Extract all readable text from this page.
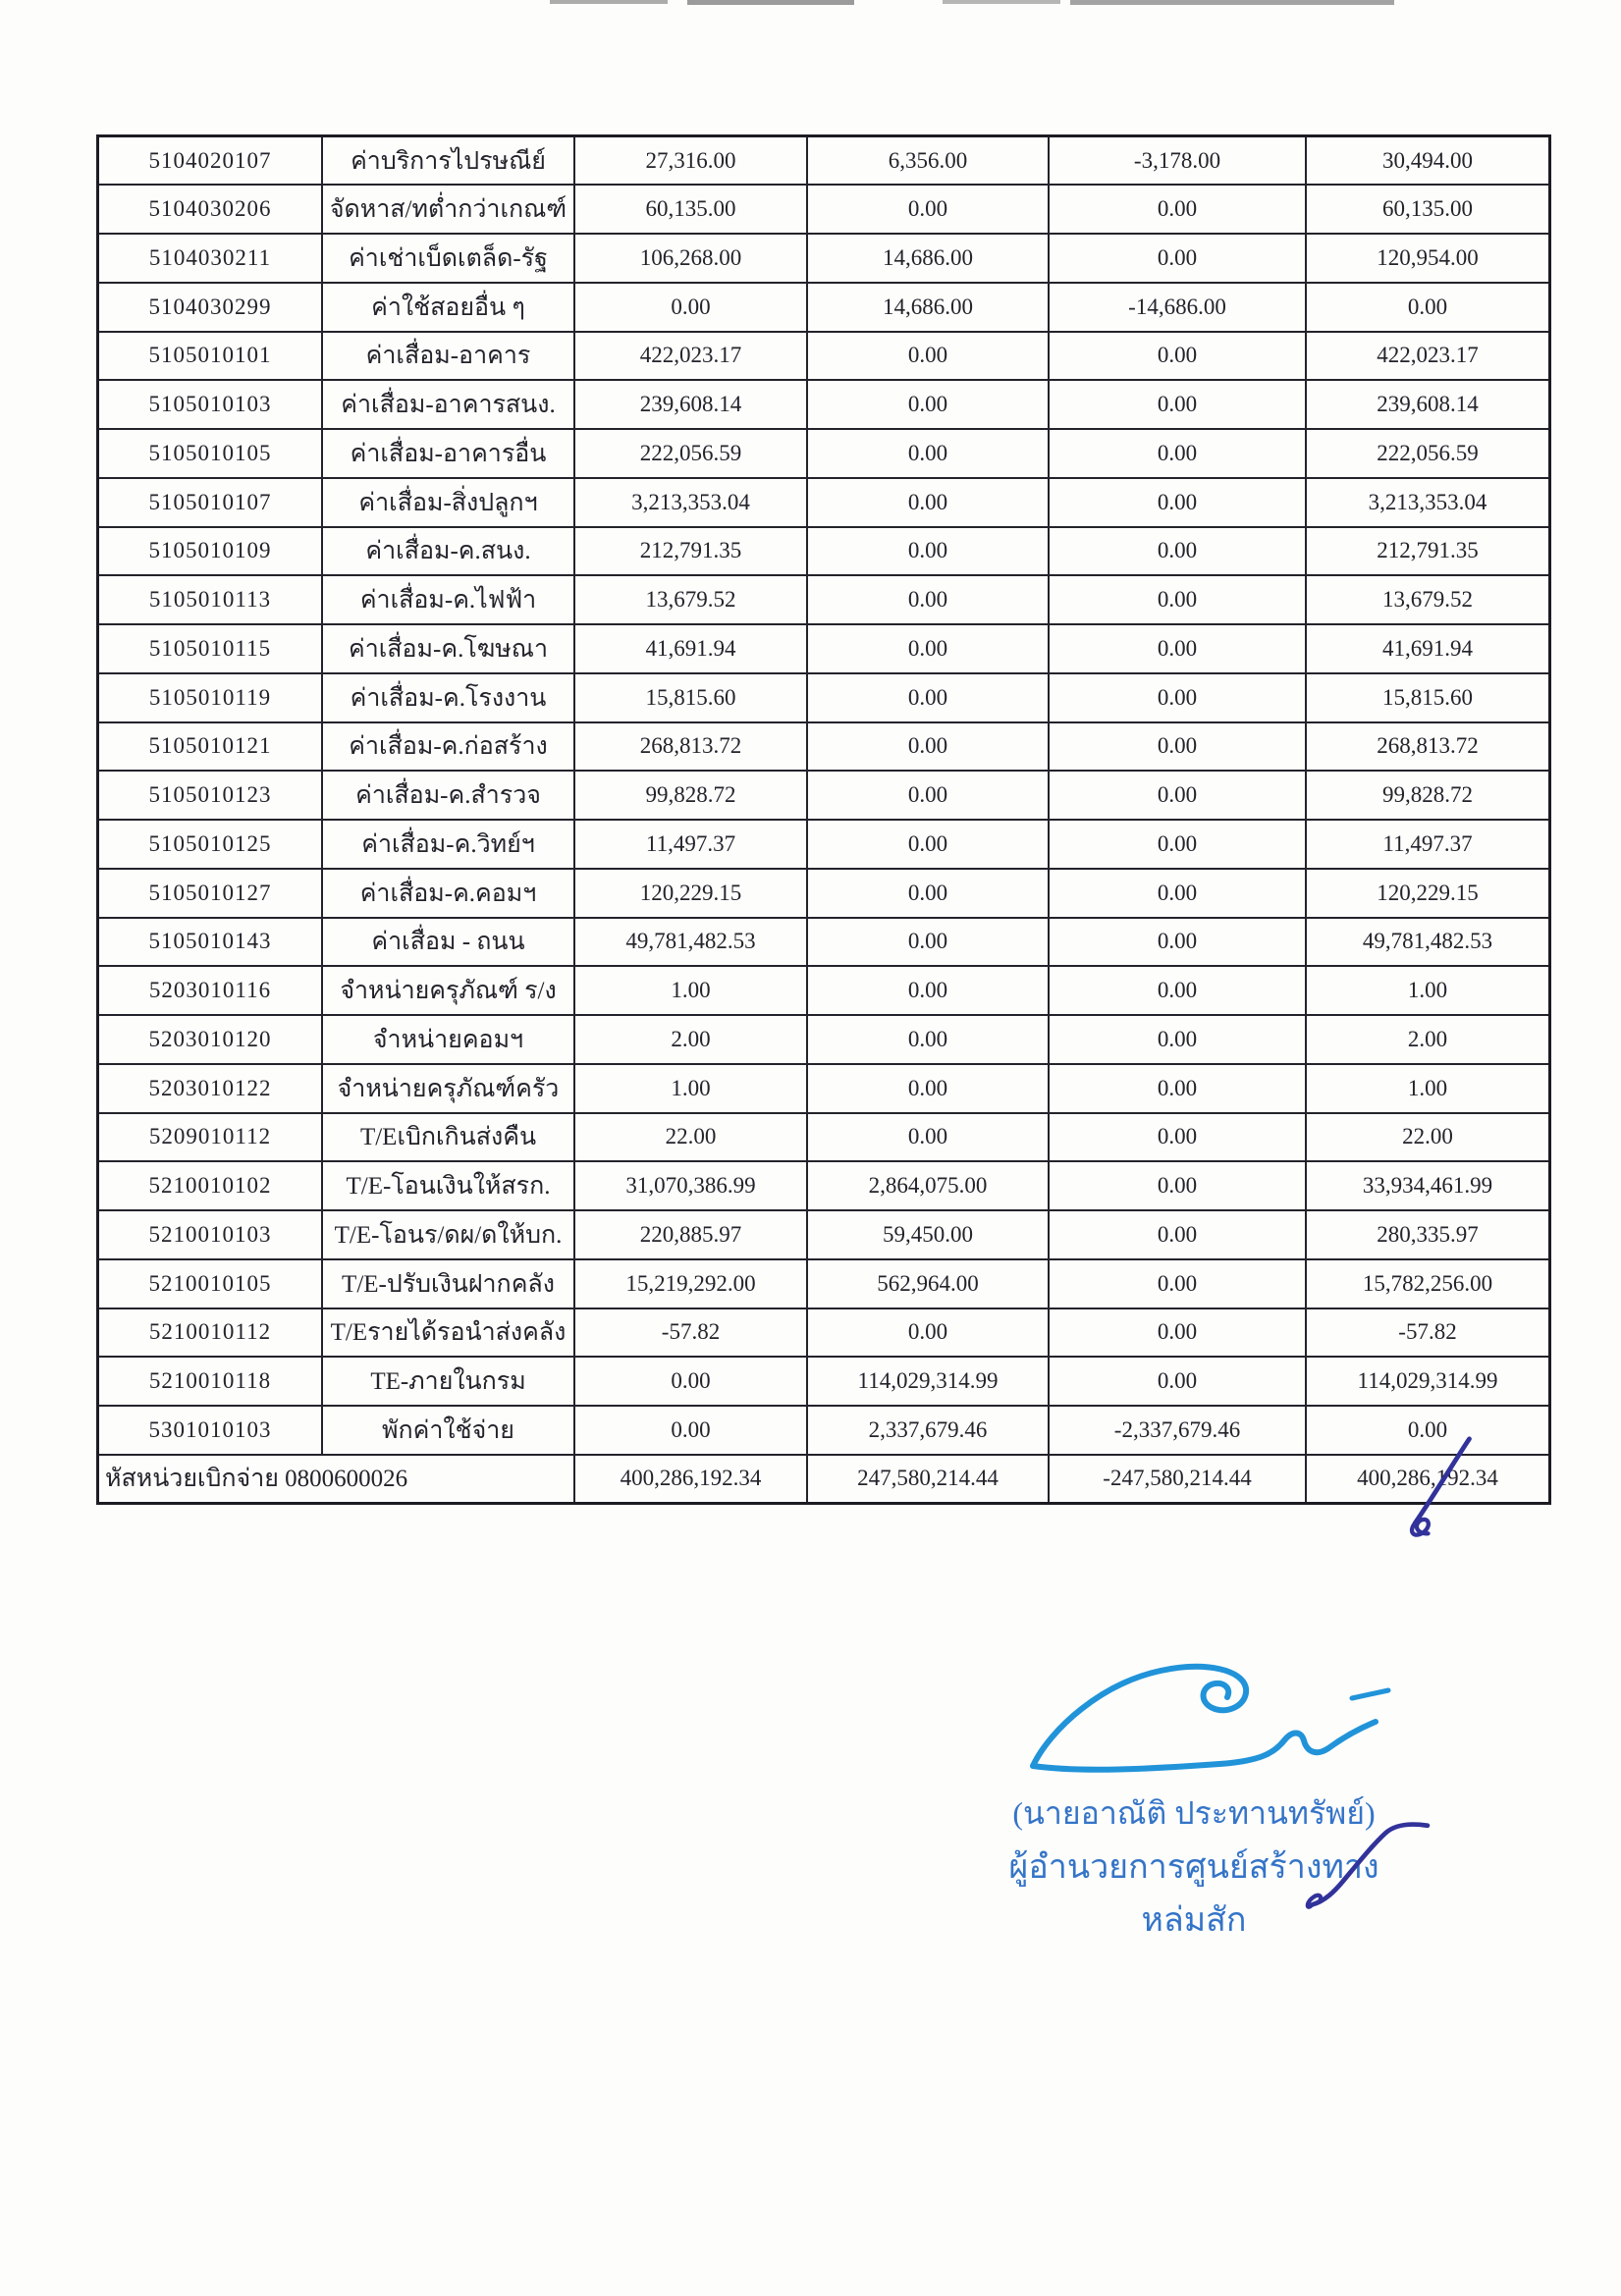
5104020107	ค่าบริการไปรษณีย์	27,316.00	6,356.00	-3,178.00	30,494.00
5104030206	จัดหาส/ทต่ำกว่าเกณฑ์	60,135.00	0.00	0.00	60,135.00
5104030211	ค่าเช่าเบ็ดเตล็ด-รัฐ	106,268.00	14,686.00	0.00	120,954.00
5104030299	ค่าใช้สอยอื่น ๆ	0.00	14,686.00	-14,686.00	0.00
5105010101	ค่าเสื่อม-อาคาร	422,023.17	0.00	0.00	422,023.17
5105010103	ค่าเสื่อม-อาคารสนง.	239,608.14	0.00	0.00	239,608.14
5105010105	ค่าเสื่อม-อาคารอื่น	222,056.59	0.00	0.00	222,056.59
5105010107	ค่าเสื่อม-สิ่งปลูกฯ	3,213,353.04	0.00	0.00	3,213,353.04
5105010109	ค่าเสื่อม-ค.สนง.	212,791.35	0.00	0.00	212,791.35
5105010113	ค่าเสื่อม-ค.ไฟฟ้า	13,679.52	0.00	0.00	13,679.52
5105010115	ค่าเสื่อม-ค.โฆษณา	41,691.94	0.00	0.00	41,691.94
5105010119	ค่าเสื่อม-ค.โรงงาน	15,815.60	0.00	0.00	15,815.60
5105010121	ค่าเสื่อม-ค.ก่อสร้าง	268,813.72	0.00	0.00	268,813.72
5105010123	ค่าเสื่อม-ค.สำรวจ	99,828.72	0.00	0.00	99,828.72
5105010125	ค่าเสื่อม-ค.วิทย์ฯ	11,497.37	0.00	0.00	11,497.37
5105010127	ค่าเสื่อม-ค.คอมฯ	120,229.15	0.00	0.00	120,229.15
5105010143	ค่าเสื่อม - ถนน	49,781,482.53	0.00	0.00	49,781,482.53
5203010116	จำหน่ายครุภัณฑ์ ร/ง	1.00	0.00	0.00	1.00
5203010120	จำหน่ายคอมฯ	2.00	0.00	0.00	2.00
5203010122	จำหน่ายครุภัณฑ์ครัว	1.00	0.00	0.00	1.00
5209010112	T/Eเบิกเกินส่งคืน	22.00	0.00	0.00	22.00
5210010102	T/E-โอนเงินให้สรก.	31,070,386.99	2,864,075.00	0.00	33,934,461.99
5210010103	T/E-โอนร/ดผ/ดให้บก.	220,885.97	59,450.00	0.00	280,335.97
5210010105	T/E-ปรับเงินฝากคลัง	15,219,292.00	562,964.00	0.00	15,782,256.00
5210010112	T/Eรายได้รอนำส่งคลัง	-57.82	0.00	0.00	-57.82
5210010118	TE-ภายในกรม	0.00	114,029,314.99	0.00	114,029,314.99
5301010103	พักค่าใช้จ่าย	0.00	2,337,679.46	-2,337,679.46	0.00
หัสหน่วยเบิกจ่าย 0800600026		400,286,192.34	247,580,214.44	-247,580,214.44	400,286,192.34
(นายอาณัติ ประทานทรัพย์)
ผู้อำนวยการศูนย์สร้างทางหล่มสัก
